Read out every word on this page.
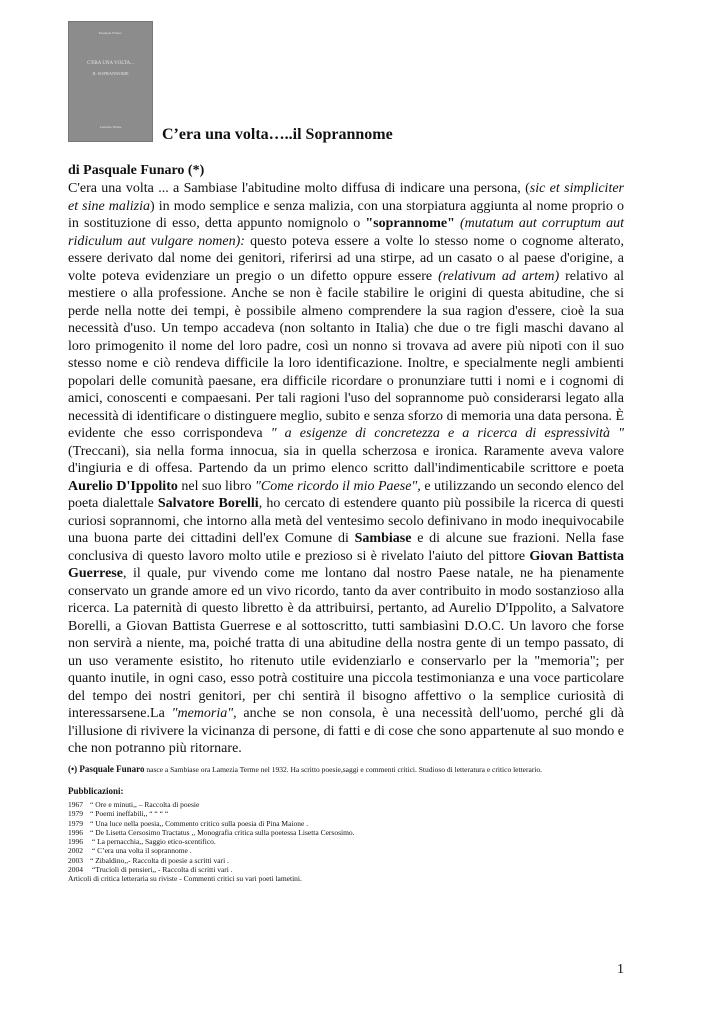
Pasquale Funaro
C'ERA UNA VOLTA...
IL SOPRANNOME
Lamezia Terme	C’era una volta…..il Soprannome
di Pasquale Funaro (*)

C'era una volta ... a Sambiase l'abitudine molto diffusa di indicare una persona, (sic et simpliciter et sine malizia) in modo semplice e senza malizia, con una storpiatura aggiunta al nome proprio o in sostituzione di esso, detta appunto nomignolo o "soprannome" (mutatum aut corruptum aut ridiculum aut vulgare nomen): questo poteva essere a volte lo stesso nome o cognome alterato, essere derivato dal nome dei genitori, riferirsi ad una stirpe, ad un casato o al paese d'origine, a volte poteva evidenziare un pregio o un difetto oppure essere (relativum ad artem) relativo al mestiere o alla professione. Anche se non è facile stabilire le origini di questa abitudine, che si perde nella notte dei tempi, è possibile almeno comprendere la sua ragion d'essere, cioè la sua necessità d'uso. Un tempo accadeva (non soltanto in Italia) che due o tre figli maschi davano al loro primogenito il nome del loro padre, così un nonno si trovava ad avere più nipoti con il suo stesso nome e ciò rendeva difficile la loro identificazione. Inoltre, e specialmente negli ambienti popolari delle comunità paesane, era difficile ricordare o pronunziare tutti i nomi e i cognomi di amici, conoscenti e compaesani. Per tali ragioni l'uso del soprannome può considerarsi legato alla necessità di identificare o distinguere meglio, subito e senza sforzo di memoria una data persona. È evidente che esso corrispondeva " a esigenze di concretezza e a ricerca di espressività " (Treccani), sia nella forma innocua, sia in quella scherzosa e ironica. Raramente aveva valore d'ingiuria e di offesa. Partendo da un primo elenco scritto dall'indimenticabile scrittore e poeta Aurelio D'Ippolito nel suo libro "Come ricordo il mio Paese", e utilizzando un secondo elenco del poeta dialettale Salvatore Borelli, ho cercato di estendere quanto più possibile la ricerca di questi curiosi soprannomi, che intorno alla metà del ventesimo secolo definivano in modo inequivocabile una buona parte dei cittadini dell'ex Comune di Sambiase e di alcune sue frazioni. Nella fase conclusiva di questo lavoro molto utile e prezioso si è rivelato l'aiuto del pittore Giovan Battista Guerrese, il quale, pur vivendo come me lontano dal nostro Paese natale, ne ha pienamente conservato un grande amore ed un vivo ricordo, tanto da aver contribuito in modo sostanzioso alla ricerca. La paternità di questo libretto è da attribuirsi, pertanto, ad Aurelio D'Ippolito, a Salvatore Borelli, a Giovan Battista Guerrese e al sottoscritto, tutti sambiasìni D.O.C. Un lavoro che forse non servirà a niente, ma, poiché tratta di una abitudine della nostra gente di un tempo passato, di un uso veramente esistito, ho ritenuto utile evidenziarlo e conservarlo per la "memoria"; per quanto inutile, in ogni caso, esso potrà costituire una piccola testimonianza e una voce particolare del tempo dei nostri genitori, per chi sentirà il bisogno affettivo o la semplice curiosità di interessarsene.La "memoria", anche se non consola, è una necessità dell'uomo, perché gli dà l'illusione di rivivere la vicinanza di persone, di fatti e di cose che sono appartenute al suo mondo e che non potranno più ritornare.

(•) Pasquale Funaro nasce a Sambiase ora Lamezia Terme nel 1932. Ha scritto poesie,saggi e commenti critici. Studioso di letteratura e critico letterario.
Pubblicazioni:
1967 “ Ore e minuti,, – Raccolta di poesie
1979 “ Poemi ineffabili,, “ “ “ “
1979 “ Una luce nella poesia,, Commento critico sulla poesia di Pina Maione .
1996 “ De Lisetta Cersosimo Tractatus ,, Monografia critica sulla poetessa Lisetta Cersosimo.
1996 “ La pernacchia,, Saggio etico-scentifico.
2002 “ C’era una volta il soprannome .
2003 “ Zibaldino,,- Raccolta di poesie a scritti vari .
2004 “Trucioli di pensieri,, - Raccolta di scritti vari .
Articoli di critica letteraria su riviste - Commenti critici su vari poeti lametini.
1
